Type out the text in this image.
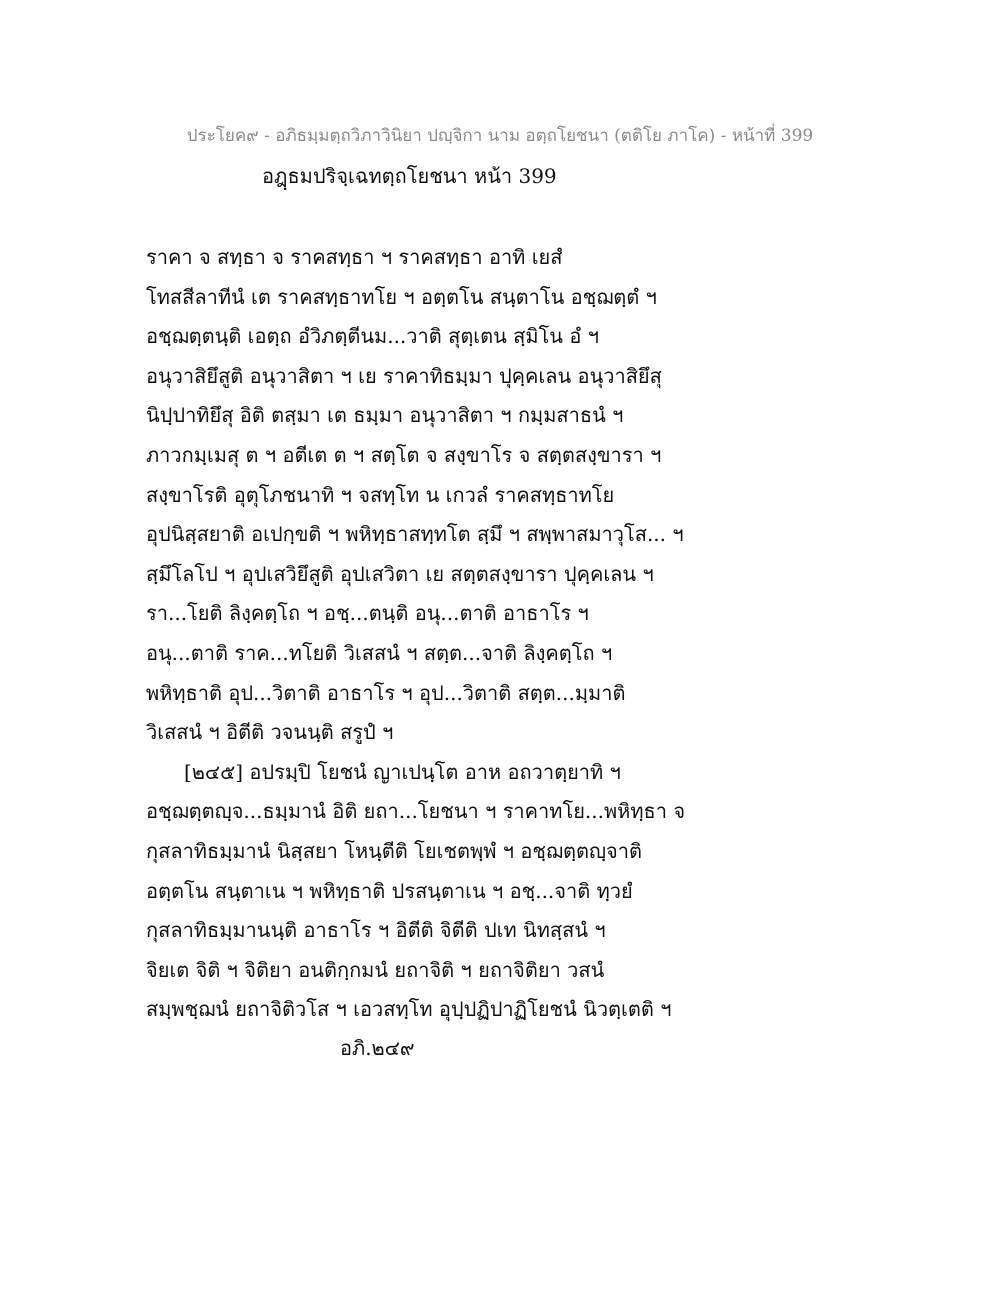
ประโยค๙ - อภิธมฺมตฺถวิภาวินิยา ปญฺจิกา นาม อตฺถโยชนา (ตติโย ภาโค) - หน้าที่ 399
อฎฺธมปริจฺเฉทตฺถโยชนา หน้า 399
ราคา จ สทฺธา จ ราคสทฺธา ฯ ราคสทฺธา อาทิ เยสํ
โทสสีลาทีนํ เต ราคสทฺธาทโย ฯ อตฺตโน สนฺตาโน อชฺฌตฺตํ ฯ
อชฺฌตฺตนฺติ เอตฺถ อํวิภตฺตีนม...วาติ สุตฺเตน สฺมิโน อํ ฯ
อนุวาสิยึสูติ อนุวาสิตา ฯ เย ราคาทิธมฺมา ปุคฺคเลน อนุวาสิยึสุ
นิปฺปาทิยึสุ อิติ ตสฺมา เต ธมฺมา อนุวาสิตา ฯ กมฺมสาธนํ ฯ
ภาวกมฺเมสุ ต ฯ อตีเต ต ฯ สตฺโต จ สงฺขาโร จ สตฺตสงฺขารา ฯ
สงฺขาโรติ อุตุโภชนาทิ ฯ จสทฺโท น เกวลํ ราคสทฺธาทโย
อุปนิสฺสยาติ อเปกฺขติ ฯ พหิทฺธาสทฺทโต สฺมึ ฯ สพฺพาสมาวุโส... ฯ
สฺมึโลโป ฯ อุปเสวิยึสูติ อุปเสวิตา เย สตฺตสงฺขารา ปุคฺคเลน ฯ
รา...โยติ ลิงฺคตฺโถ ฯ อชฺ...ตนฺติ อนุ...ตาติ อาธาโร ฯ
อนุ...ตาติ ราค...ทโยติ วิเสสนํ ฯ สตฺต...จาติ ลิงฺคตฺโถ ฯ
พหิทฺธาติ อุป...วิตาติ อาธาโร ฯ อุป...วิตาติ สตฺต...มฺมาติ
วิเสสนํ ฯ อิตีติ วจนนฺติ สรูปํ ฯ
[๒๔๕] อปรมฺปิ โยชนํ ญาเปนฺโต อาห อถวาตฺยาทิ ฯ
อชฺฌตฺตญฺจ...ธมฺมานํ อิติ ยถา...โยชนา ฯ ราคาทโย...พหิทฺธา จ
กุสลาทิธมฺมานํ นิสฺสยา โหนฺตีติ โยเชตพฺพํ ฯ อชฺฌตฺตญฺจาติ
อตฺตโน สนฺตาเน ฯ พหิทฺธาติ ปรสนฺตาเน ฯ อชฺ...จาติ ทฺวยํ
กุสลาทิธมฺมานนฺติ อาธาโร ฯ อิตีติ จิตีติ ปเท นิทสฺสนํ ฯ
จิยเต จิติ ฯ จิติยา อนติกฺกมนํ ยถาจิติ ฯ ยถาจิติยา วสนํ
สมฺพชฺฌนํ ยถาจิติวโส ฯ เอวสทฺโท อุปฺปฏิปาฏิโยชนํ นิวตฺเตติ ฯ
อภิ.๒๔๙
